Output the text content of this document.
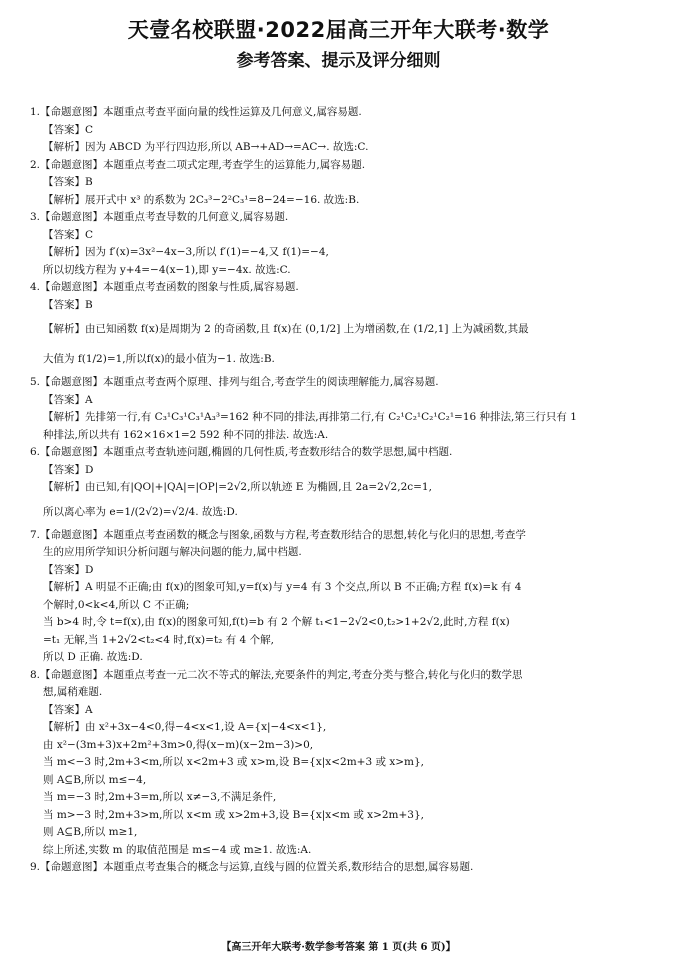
天壹名校联盟·2022届高三开年大联考·数学
参考答案、提示及评分细则
1.【命题意图】本题重点考查平面向量的线性运算及几何意义,属容易题.
【答案】C
【解析】因为 ABCD 为平行四边形,所以 AB→+AD→=AC→. 故选:C.
2.【命题意图】本题重点考查二项式定理,考查学生的运算能力,属容易题.
【答案】B
【解析】展开式中 x³ 的系数为 2C₃³−2²C₃¹=8−24=−16. 故选:B.
3.【命题意图】本题重点考查导数的几何意义,属容易题.
【答案】C
【解析】因为 f′(x)=3x²−4x−3,所以 f′(1)=−4,又 f(1)=−4,
所以切线方程为 y+4=−4(x−1),即 y=−4x. 故选:C.
4.【命题意图】本题重点考查函数的图象与性质,属容易题.
【答案】B
【解析】由已知函数 f(x)是周期为 2 的奇函数,且 f(x)在 (0,1/2] 上为增函数,在 (1/2,1] 上为减函数,其最
大值为 f(1/2)=1,所以f(x)的最小值为−1. 故选:B.
5.【命题意图】本题重点考查两个原理、排列与组合,考查学生的阅读理解能力,属容易题.
【答案】A
【解析】先排第一行,有 C₃¹C₃¹C₃¹A₃³=162 种不同的排法,再排第二行,有 C₂¹C₂¹C₂¹C₂¹=16 种排法,第三行只有 1
种排法,所以共有 162×16×1=2 592 种不同的排法. 故选:A.
6.【命题意图】本题重点考查轨迹问题,椭圆的几何性质,考查数形结合的数学思想,属中档题.
【答案】D
【解析】由已知,有|QO|+|QA|=|OP|=2√2,所以轨迹 E 为椭圆,且 2a=2√2,2c=1,
所以离心率为 e=1/(2√2)=√2/4. 故选:D.
7.【命题意图】本题重点考查函数的概念与图象,函数与方程,考查数形结合的思想,转化与化归的思想,考查学
生的应用所学知识分析问题与解决问题的能力,属中档题.
【答案】D
【解析】A 明显不正确;由 f(x)的图象可知,y=f(x)与 y=4 有 3 个交点,所以 B 不正确;方程 f(x)=k 有 4
个解时,0<k<4,所以 C 不正确;
当 b>4 时,令 t=f(x),由 f(x)的图象可知,f(t)=b 有 2 个解 t₁<1−2√2<0,t₂>1+2√2,此时,方程 f(x)
=t₁ 无解,当 1+2√2<t₂<4 时,f(x)=t₂ 有 4 个解,
所以 D 正确. 故选:D.
8.【命题意图】本题重点考查一元二次不等式的解法,充要条件的判定,考查分类与整合,转化与化归的数学思
想,属稍难题.
【答案】A
【解析】由 x²+3x−4<0,得−4<x<1,设 A={x|−4<x<1},
由 x²−(3m+3)x+2m²+3m>0,得(x−m)(x−2m−3)>0,
当 m<−3 时,2m+3<m,所以 x<2m+3 或 x>m,设 B={x|x<2m+3 或 x>m},
则 A⊆B,所以 m≤−4,
当 m=−3 时,2m+3=m,所以 x≠−3,不满足条件,
当 m>−3 时,2m+3>m,所以 x<m 或 x>2m+3,设 B={x|x<m 或 x>2m+3},
则 A⊆B,所以 m≥1,
综上所述,实数 m 的取值范围是 m≤−4 或 m≥1. 故选:A.
9.【命题意图】本题重点考查集合的概念与运算,直线与圆的位置关系,数形结合的思想,属容易题.
【高三开年大联考·数学参考答案 第 1 页(共 6 页)】
